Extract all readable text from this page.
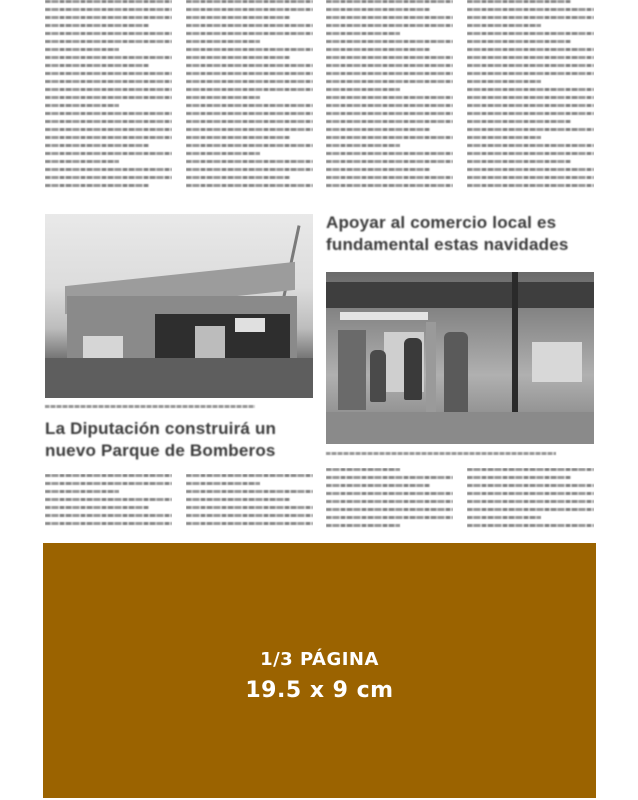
La Diputación construirá un
nuevo Parque de Bomberos
Apoyar al comercio local es
fundamental estas navidades
1/3 PÁGINA
19.5 x 9 cm
